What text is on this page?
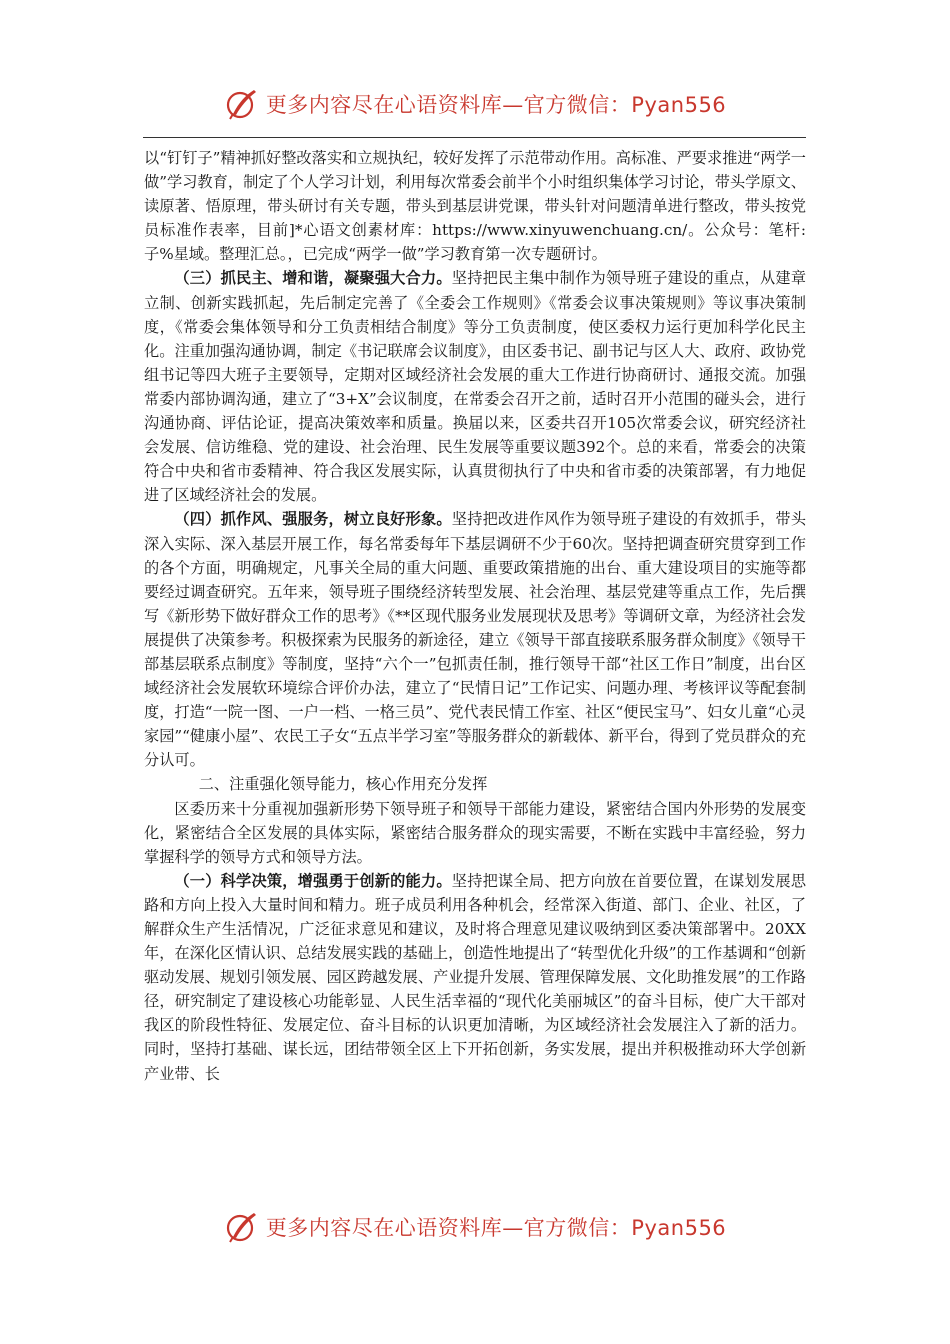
更多内容尽在心语资料库—官方微信：Pyan556

以“钉钉子”精神抓好整改落实和立规执纪，较好发挥了示范带动作用。高标准、严要求推进“两学一做”学习教育，制定了个人学习计划，利用每次常委会前半个小时组织集体学习讨论，带头学原文、读原著、悟原理，带头研讨有关专题，带头到基层讲党课，带头针对问题清单进行整改，带头按党员标准作表率，目前]*心语文创素材库：https://www.xinyuwenchuang.cn/。公众号：笔杆:子%星域。整理汇总。，已完成“两学一做”学习教育第一次专题研讨。

（三）抓民主、增和谐，凝聚强大合力。坚持把民主集中制作为领导班子建设的重点，从建章立制、创新实践抓起，先后制定完善了《全委会工作规则》《常委会议事决策规则》等议事决策制度，《常委会集体领导和分工负责相结合制度》等分工负责制度，使区委权力运行更加科学化民主化。注重加强沟通协调，制定《书记联席会议制度》，由区委书记、副书记与区人大、政府、政协党组书记等四大班子主要领导，定期对区域经济社会发展的重大工作进行协商研讨、通报交流。加强常委内部协调沟通，建立了“3+X”会议制度，在常委会召开之前，适时召开小范围的碰头会，进行沟通协商、评估论证，提高决策效率和质量。换届以来，区委共召开105次常委会议，研究经济社会发展、信访维稳、党的建设、社会治理、民生发展等重要议题392个。总的来看，常委会的决策符合中央和省市委精神、符合我区发展实际，认真贯彻执行了中央和省市委的决策部署，有力地促进了区域经济社会的发展。

（四）抓作风、强服务，树立良好形象。坚持把改进作风作为领导班子建设的有效抓手，带头深入实际、深入基层开展工作，每名常委每年下基层调研不少于60次。坚持把调查研究贯穿到工作的各个方面，明确规定，凡事关全局的重大问题、重要政策措施的出台、重大建设项目的实施等都要经过调查研究。五年来，领导班子围绕经济转型发展、社会治理、基层党建等重点工作，先后撰写《新形势下做好群众工作的思考》《**区现代服务业发展现状及思考》等调研文章，为经济社会发展提供了决策参考。积极探索为民服务的新途径，建立《领导干部直接联系服务群众制度》《领导干部基层联系点制度》等制度，坚持“六个一”包抓责任制，推行领导干部“社区工作日”制度，出台区域经济社会发展软环境综合评价办法，建立了“民情日记”工作记实、问题办理、考核评议等配套制度，打造“一院一图、一户一档、一格三员”、党代表民情工作室、社区“便民宝马”、妇女儿童“心灵家园”“健康小屋”、农民工子女“五点半学习室”等服务群众的新载体、新平台，得到了党员群众的充分认可。

二、注重强化领导能力，核心作用充分发挥

区委历来十分重视加强新形势下领导班子和领导干部能力建设，紧密结合国内外形势的发展变化，紧密结合全区发展的具体实际，紧密结合服务群众的现实需要，不断在实践中丰富经验，努力掌握科学的领导方式和领导方法。

（一）科学决策，增强勇于创新的能力。坚持把谋全局、把方向放在首要位置，在谋划发展思路和方向上投入大量时间和精力。班子成员利用各种机会，经常深入街道、部门、企业、社区，了解群众生产生活情况，广泛征求意见和建议，及时将合理意见建议吸纳到区委决策部署中。20XX年，在深化区情认识、总结发展实践的基础上，创造性地提出了“转型优化升级”的工作基调和“创新驱动发展、规划引领发展、园区跨越发展、产业提升发展、管理保障发展、文化助推发展”的工作路径，研究制定了建设核心功能彰显、人民生活幸福的“现代化美丽城区”的奋斗目标，使广大干部对我区的阶段性特征、发展定位、奋斗目标的认识更加清晰，为区域经济社会发展注入了新的活力。同时，坚持打基础、谋长远，团结带领全区上下开拓创新，务实发展，提出并积极推动环大学创新产业带、长

更多内容尽在心语资料库—官方微信：Pyan556
